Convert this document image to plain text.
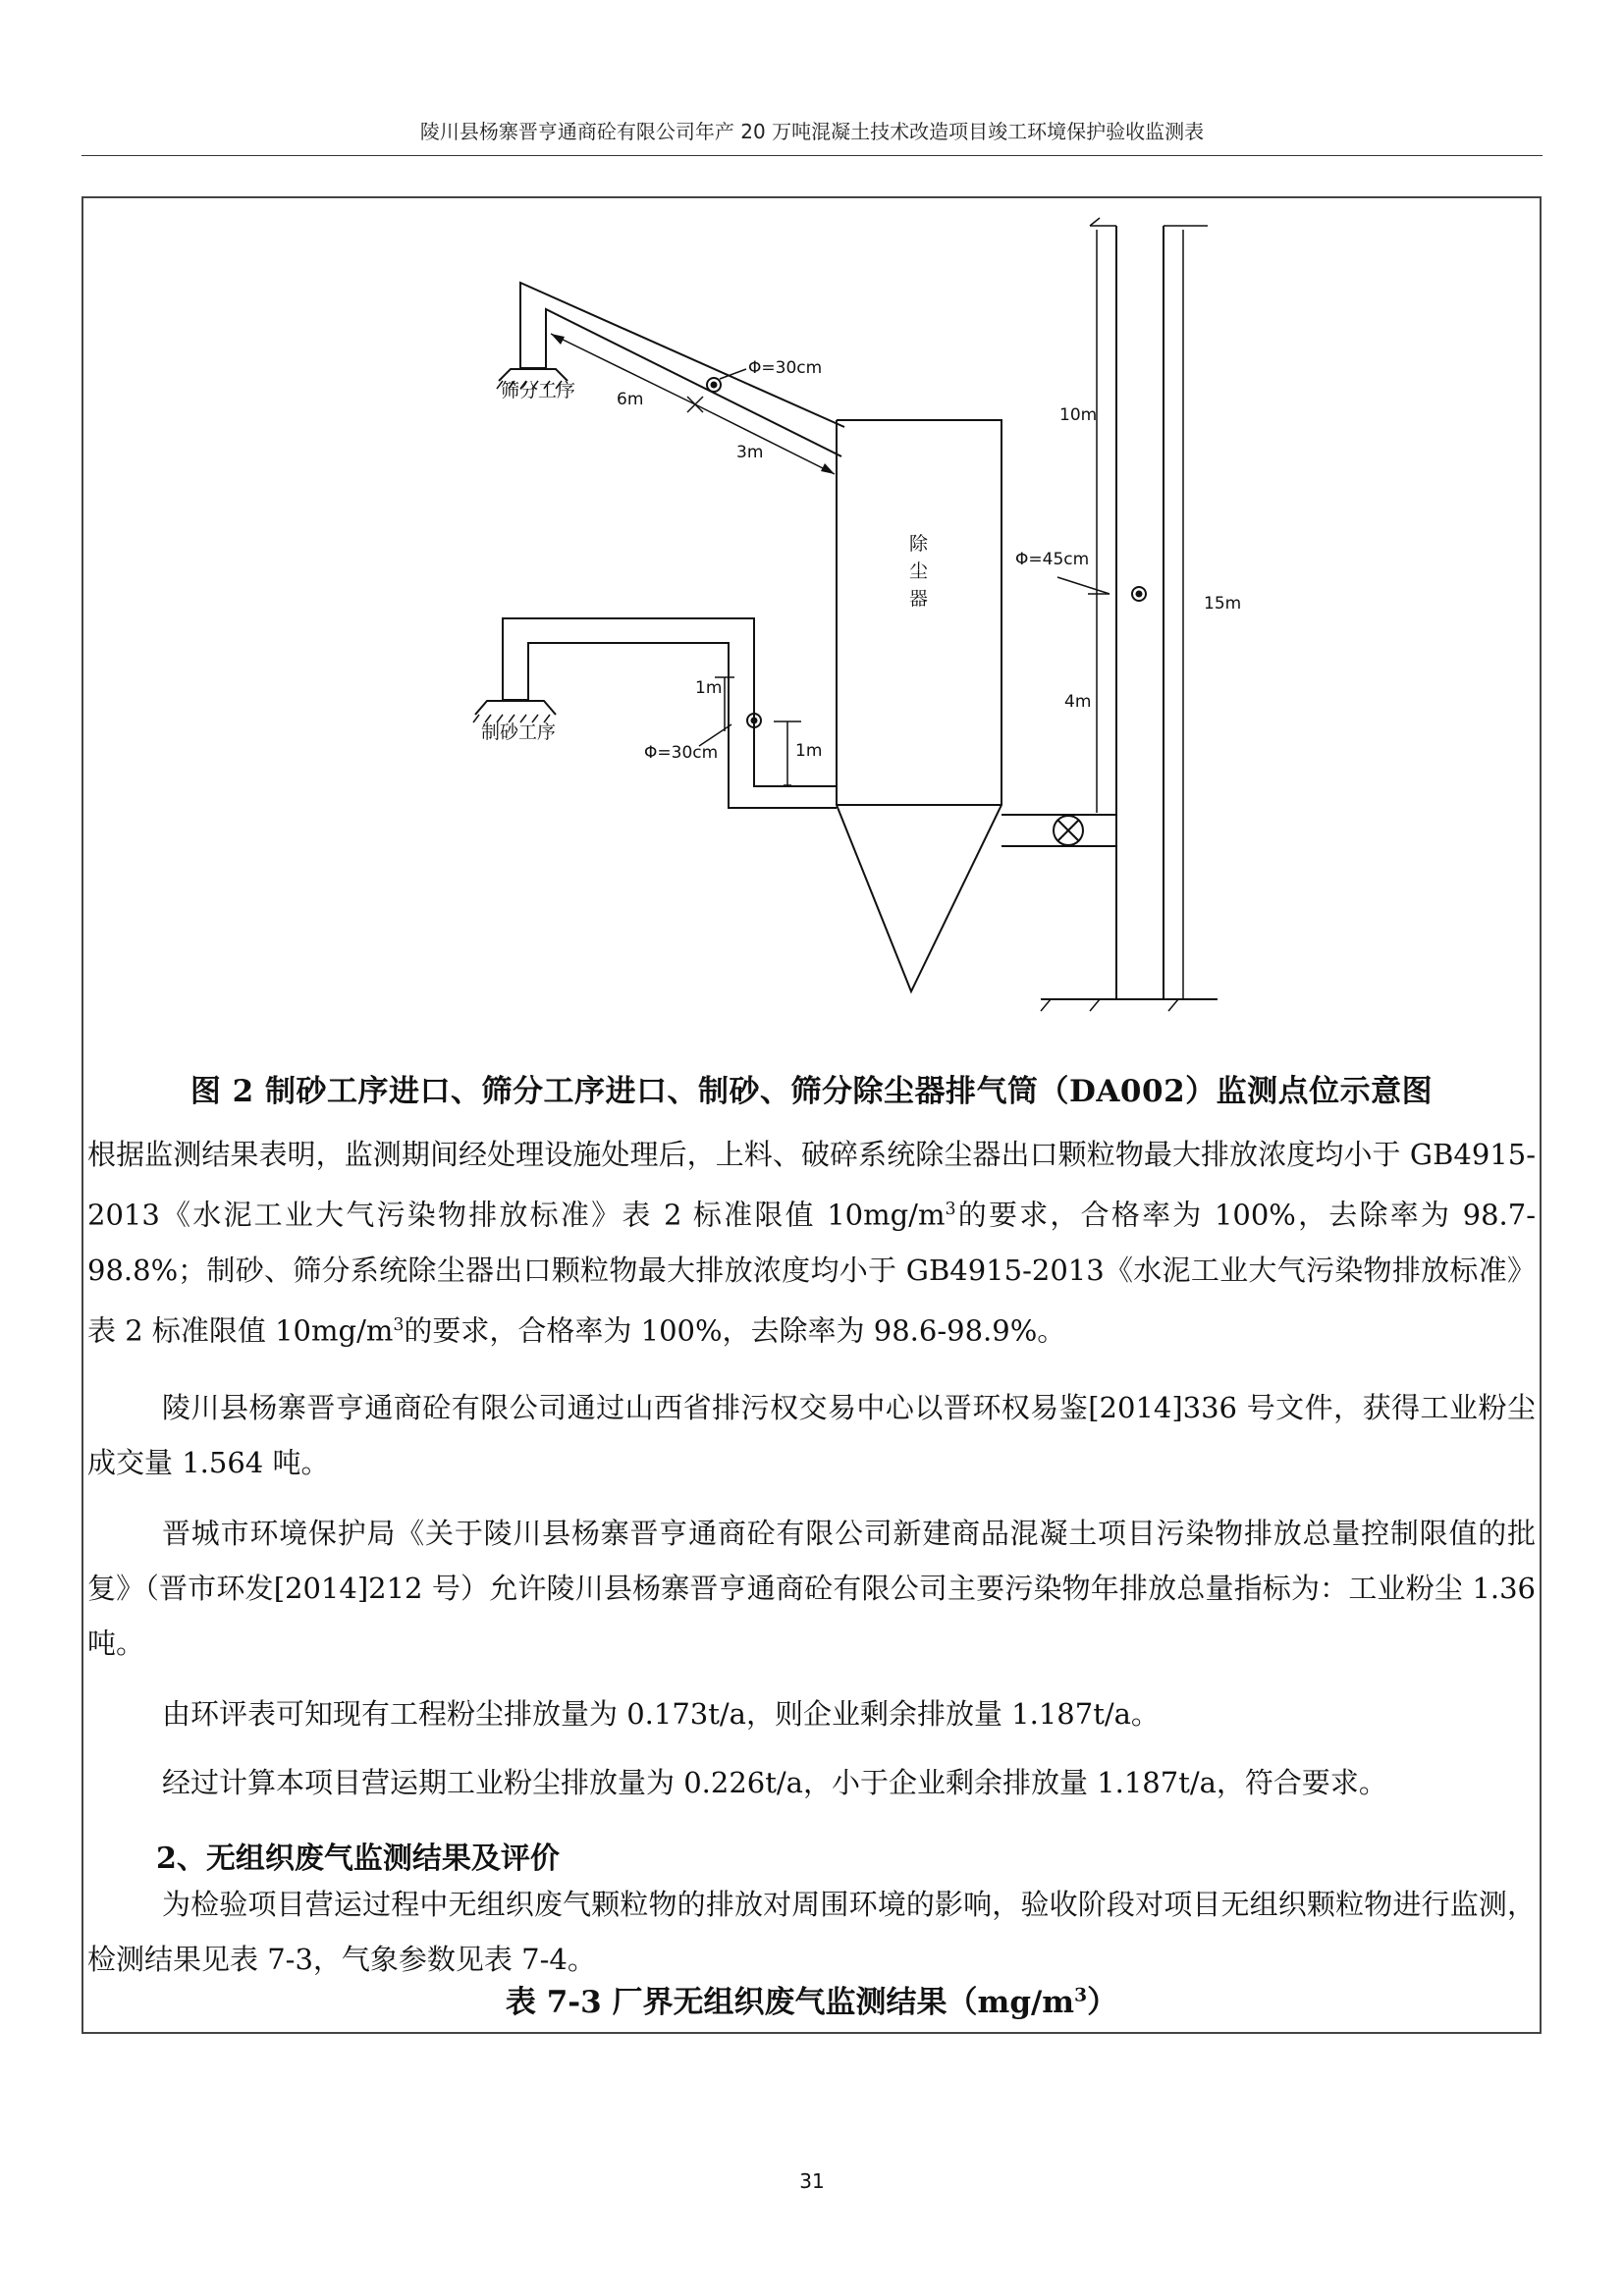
陵川县杨寨晋亨通商砼有限公司年产 20 万吨混凝土技术改造项目竣工环境保护验收监测表
筛分工序
制砂工序
除
尘
器
Φ=30cm
Φ=30cm
Φ=45cm
6m
3m
10m
4m
15m
1m
1m
图 2 制砂工序进口、筛分工序进口、制砂、筛分除尘器排气筒（DA002）监测点位示意图
根据监测结果表明，监测期间经处理设施处理后，上料、破碎系统除尘器出口颗粒物最大排放浓度均小于 GB4915-2013《水泥工业大气污染物排放标准》表 2 标准限值 $10mg/m^3$的要求，合格率为 100%，去除率为 98.7-98.8%；制砂、筛分系统除尘器出口颗粒物最大排放浓度均小于 GB4915-2013《水泥工业大气污染物排放标准》表 2 标准限值 $10mg/m^3$的要求，合格率为 100%，去除率为 98.6-98.9%。
陵川县杨寨晋亨通商砼有限公司通过山西省排污权交易中心以晋环权易鉴[2014]336 号文件，获得工业粉尘成交量 1.564 吨。
晋城市环境保护局《关于陵川县杨寨晋亨通商砼有限公司新建商品混凝土项目污染物排放总量控制限值的批复》（晋市环发[2014]212 号）允许陵川县杨寨晋亨通商砼有限公司主要污染物年排放总量指标为：工业粉尘 1.36 吨。
由环评表可知现有工程粉尘排放量为 0.173t/a，则企业剩余排放量 1.187t/a。
经过计算本项目营运期工业粉尘排放量为 0.226t/a，小于企业剩余排放量 1.187t/a，符合要求。
2、无组织废气监测结果及评价
为检验项目营运过程中无组织废气颗粒物的排放对周围环境的影响，验收阶段对项目无组织颗粒物进行监测，检测结果见表 7-3，气象参数见表 7-4。
表 7-3 厂界无组织废气监测结果$(mg/m^3)$
31
